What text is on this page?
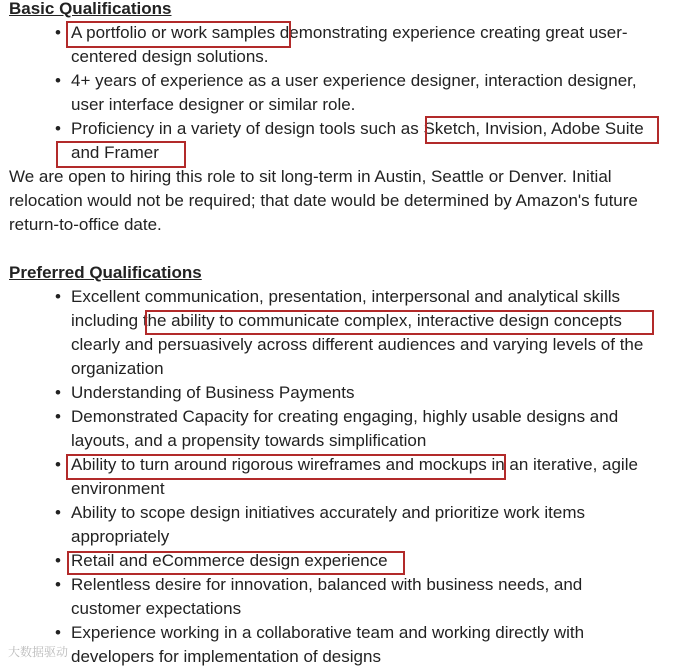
Basic Qualifications

• A portfolio or work samples demonstrating experience creating great user-centered design solutions.
• 4+ years of experience as a user experience designer, interaction designer, user interface designer or similar role.
• Proficiency in a variety of design tools such as Sketch, Invision, Adobe Suite and Framer

We are open to hiring this role to sit long-term in Austin, Seattle or Denver. Initial relocation would not be required; that date would be determined by Amazon's future return-to-office date.

Preferred Qualifications

• Excellent communication, presentation, interpersonal and analytical skills including the ability to communicate complex, interactive design concepts clearly and persuasively across different audiences and varying levels of the organization
• Understanding of Business Payments
• Demonstrated Capacity for creating engaging, highly usable designs and layouts, and a propensity towards simplification
• Ability to turn around rigorous wireframes and mockups in an iterative, agile environment
• Ability to scope design initiatives accurately and prioritize work items appropriately
• Retail and eCommerce design experience
• Relentless desire for innovation, balanced with business needs, and customer expectations
• Experience working in a collaborative team and working directly with developers for implementation of designs
大数据驱动
